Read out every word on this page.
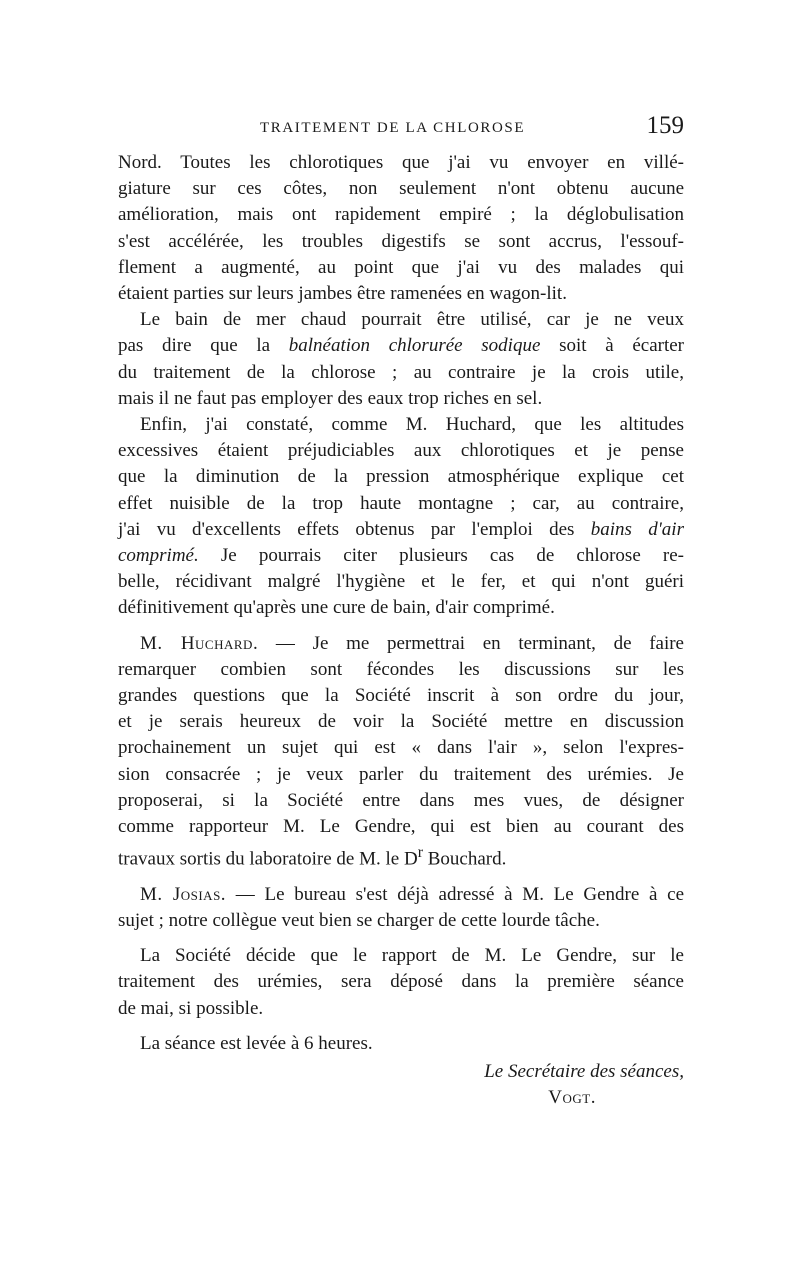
TRAITEMENT DE LA CHLOROSE	159
Nord. Toutes les chlorotiques que j'ai vu envoyer en villé-
giature sur ces côtes, non seulement n'ont obtenu aucune
amélioration, mais ont rapidement empiré ; la déglobulisation
s'est accélérée, les troubles digestifs se sont accrus, l'essouf-
flement a augmenté, au point que j'ai vu des malades qui
étaient parties sur leurs jambes être ramenées en wagon-lit.
Le bain de mer chaud pourrait être utilisé, car je ne veux
pas dire que la balnéation chlorurée sodique soit à écarter
du traitement de la chlorose ; au contraire je la crois utile,
mais il ne faut pas employer des eaux trop riches en sel.
Enfin, j'ai constaté, comme M. Huchard, que les altitudes
excessives étaient préjudiciables aux chlorotiques et je pense
que la diminution de la pression atmosphérique explique cet
effet nuisible de la trop haute montagne ; car, au contraire,
j'ai vu d'excellents effets obtenus par l'emploi des bains d'air
comprimé. Je pourrais citer plusieurs cas de chlorose re-
belle, récidivant malgré l'hygiène et le fer, et qui n'ont guéri
définitivement qu'après une cure de bain, d'air comprimé.
M. Huchard. — Je me permettrai en terminant, de faire
remarquer combien sont fécondes les discussions sur les
grandes questions que la Société inscrit à son ordre du jour,
et je serais heureux de voir la Société mettre en discussion
prochainement un sujet qui est « dans l'air », selon l'expres-
sion consacrée ; je veux parler du traitement des urémies. Je
proposerai, si la Société entre dans mes vues, de désigner
comme rapporteur M. Le Gendre, qui est bien au courant des
travaux sortis du laboratoire de M. le $D^r$ Bouchard.
M. Josias. — Le bureau s'est déjà adressé à M. Le Gendre à ce
sujet ; notre collègue veut bien se charger de cette lourde tâche.
La Société décide que le rapport de M. Le Gendre, sur le
traitement des urémies, sera déposé dans la première séance
de mai, si possible.
La séance est levée à 6 heures.
Le Secrétaire des séances,
Vogt.
